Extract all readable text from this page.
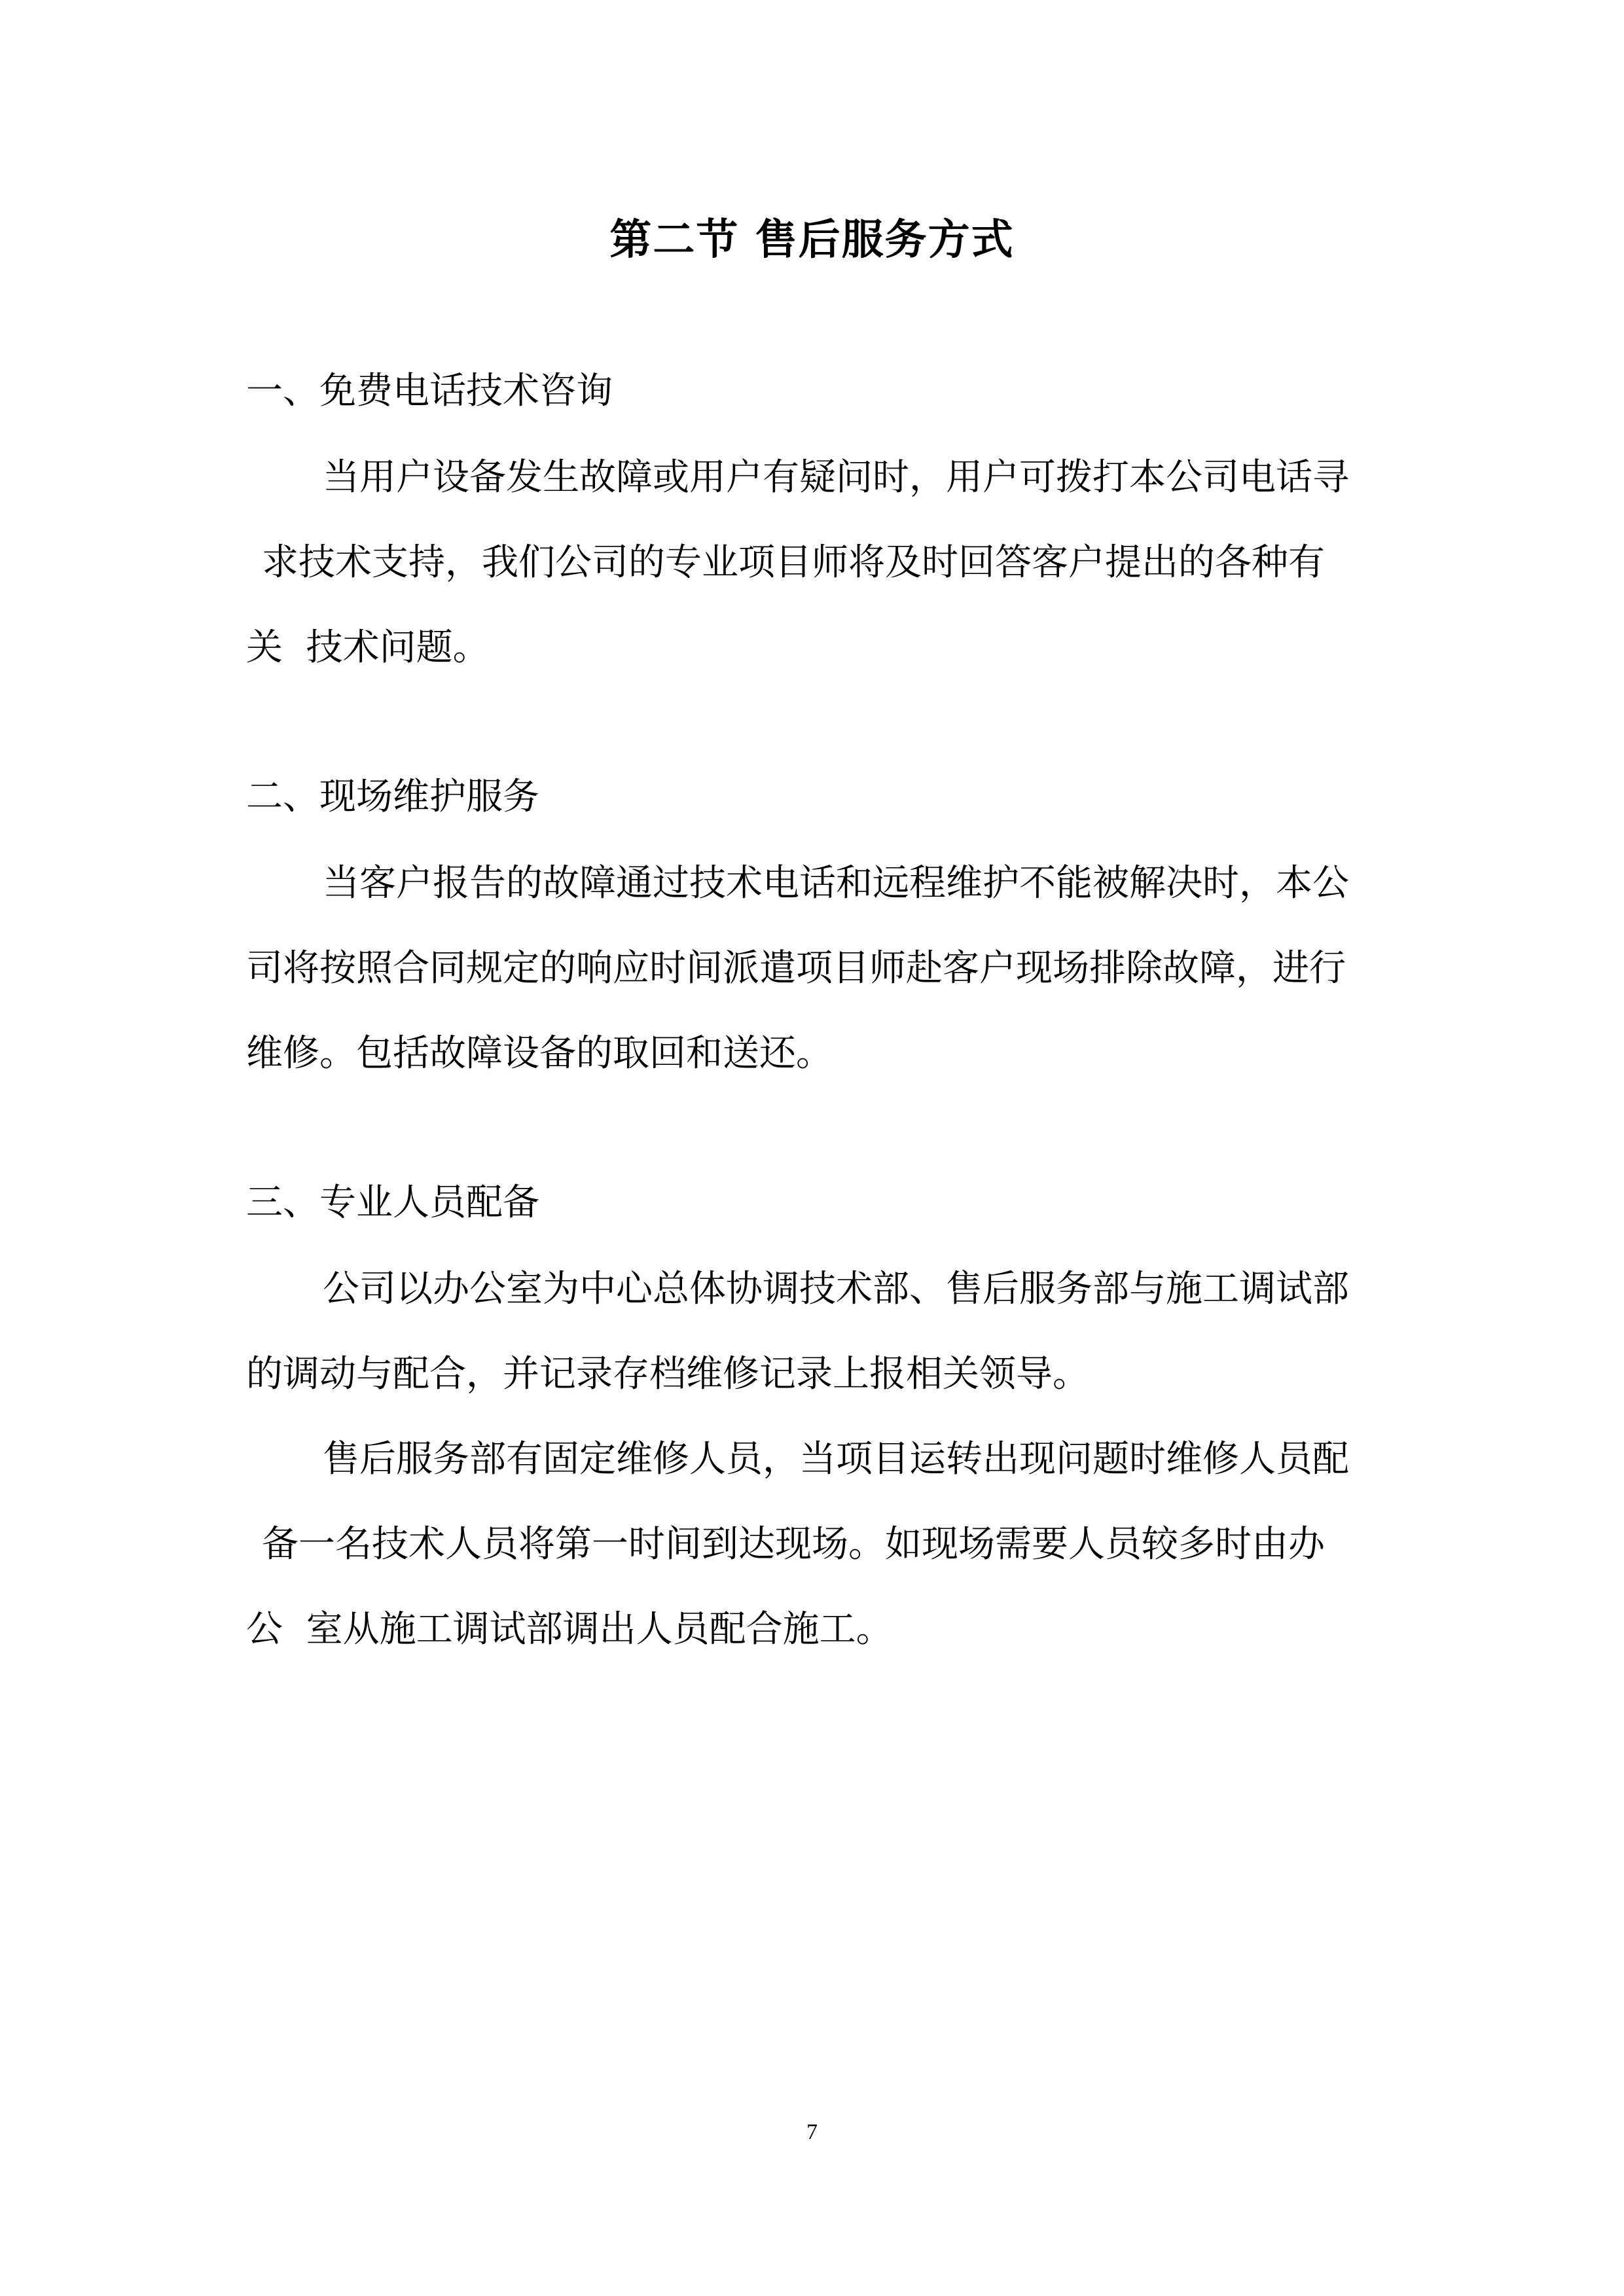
第二节 售后服务方式
一、免费电话技术咨询
当用户设备发生故障或用户有疑问时，用户可拨打本公司电话寻
求技术支持，我们公司的专业项目师将及时回答客户提出的各种有
关  技术问题。
二、现场维护服务
当客户报告的故障通过技术电话和远程维护不能被解决时，本公
司将按照合同规定的响应时间派遣项目师赴客户现场排除故障，进行
维修。包括故障设备的取回和送还。
三、专业人员配备
公司以办公室为中心总体协调技术部、售后服务部与施工调试部
的调动与配合，并记录存档维修记录上报相关领导。
售后服务部有固定维修人员，当项目运转出现问题时维修人员配
备一名技术人员将第一时间到达现场。如现场需要人员较多时由办
公  室从施工调试部调出人员配合施工。
7
